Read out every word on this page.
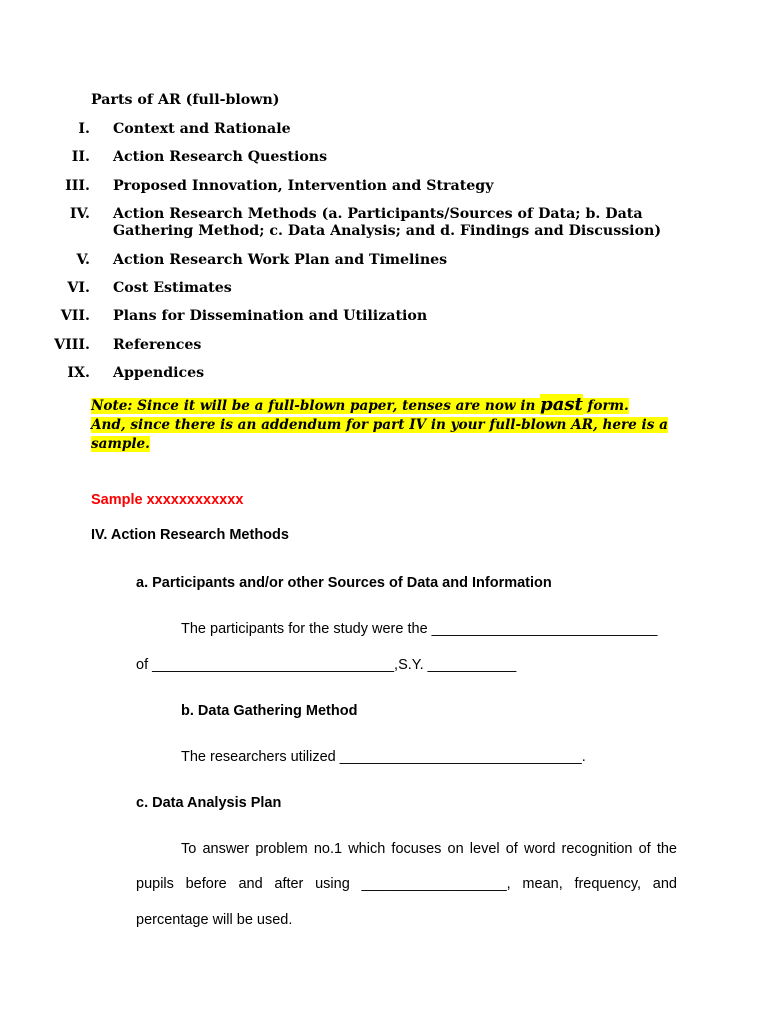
Parts of AR (full-blown)
I. Context and Rationale
II. Action Research Questions
III. Proposed Innovation, Intervention and Strategy
IV. Action Research Methods (a. Participants/Sources of Data; b. Data Gathering Method; c. Data Analysis; and d. Findings and Discussion)
V. Action Research Work Plan and Timelines
VI. Cost Estimates
VII. Plans for Dissemination and Utilization
VIII. References
IX. Appendices
Note: Since it will be a full-blown paper, tenses are now in past form.
And, since there is an addendum for part IV in your full-blown AR, here is a sample.
Sample xxxxxxxxxxxx
IV. Action Research Methods
a. Participants and/or other Sources of Data and Information
The participants for the study were the ____________________________
of ______________________________,S.Y. ___________
b. Data Gathering Method
The researchers utilized ______________________________.
c. Data Analysis Plan
To answer problem no.1 which focuses on level of word recognition of the
pupils before and after using __________________, mean, frequency, and
percentage will be used.
